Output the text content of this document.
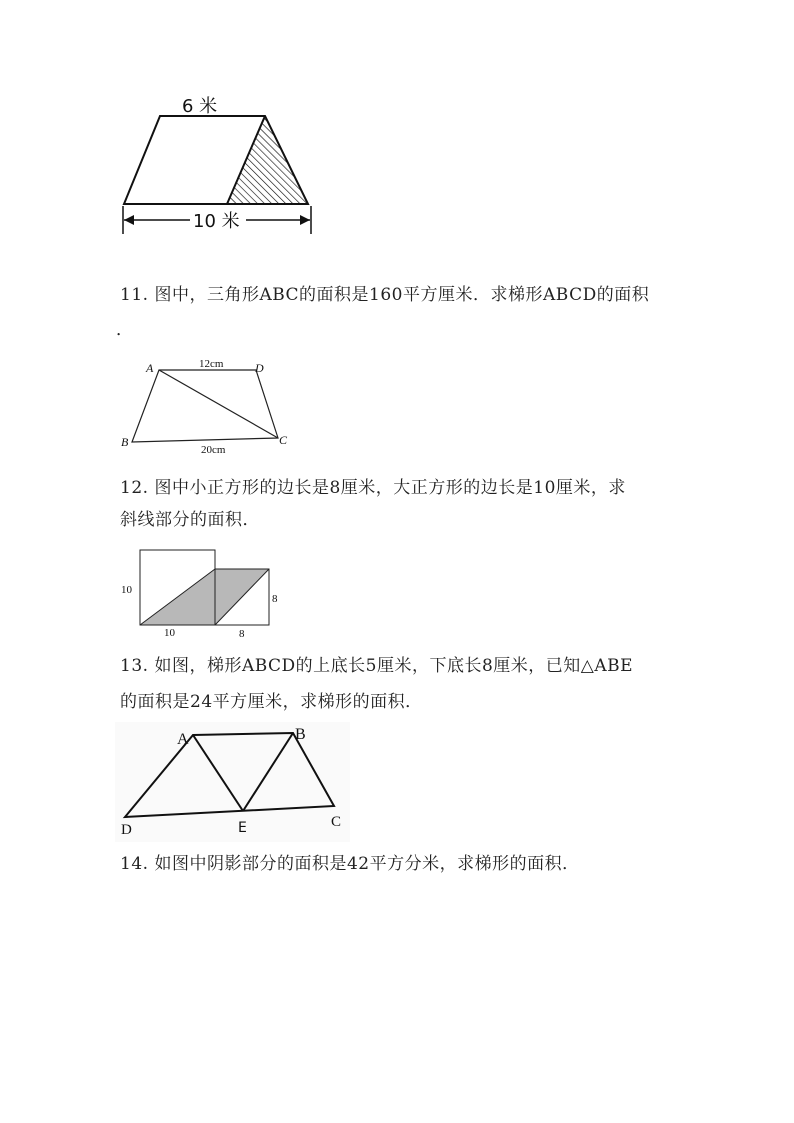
6 米
10 米

11. 图中，三角形ABC的面积是160平方厘米．求梯形ABCD的面积

．

A	D
B	C
12cm
20cm

12. 图中小正方形的边长是8厘米，大正方形的边长是10厘米，求

斜线部分的面积．

10
10	8
8

13. 如图，梯形ABCD的上底长5厘米，下底长8厘米，已知△ABE

的面积是24平方厘米，求梯形的面积．

A	B
D	E	C

14. 如图中阴影部分的面积是42平方分米，求梯形的面积．
